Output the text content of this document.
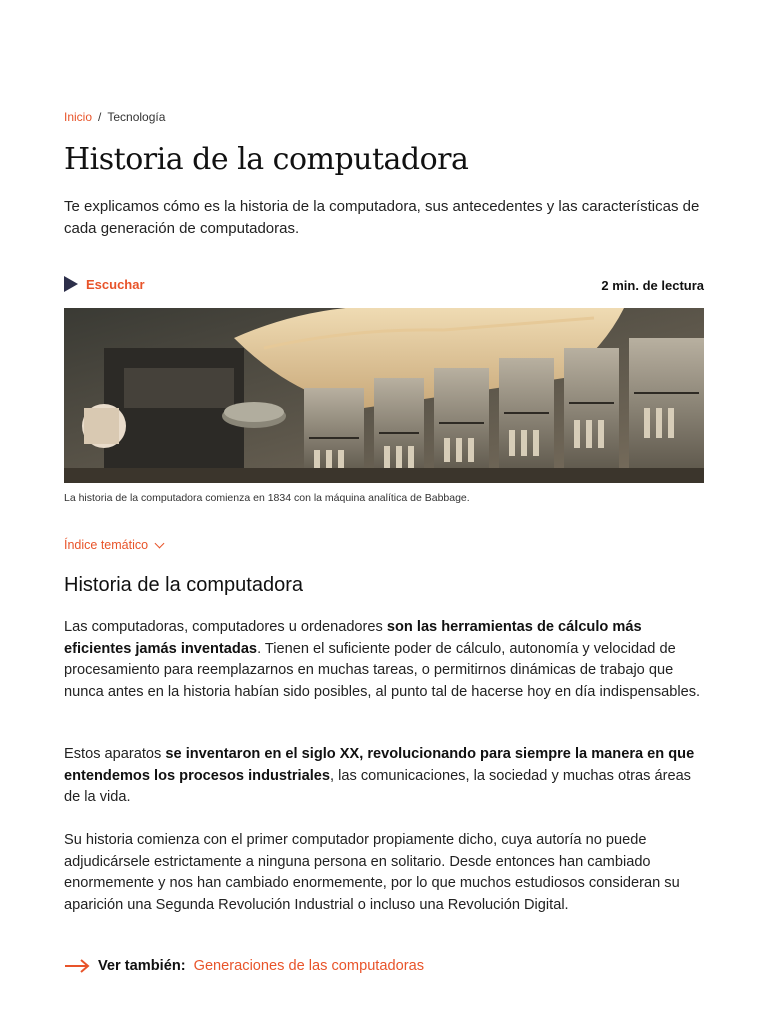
Inicio / Tecnología
Historia de la computadora

Te explicamos cómo es la historia de la computadora, sus antecedentes y las características de cada generación de computadoras.

Escuchar	2 min. de lectura
La historia de la computadora comienza en 1834 con la máquina analítica de Babbage.
Índice temático
Historia de la computadora

Las computadoras, computadores u ordenadores son las herramientas de cálculo más eficientes jamás inventadas. Tienen el suficiente poder de cálculo, autonomía y velocidad de procesamiento para reemplazarnos en muchas tareas, o permitirnos dinámicas de trabajo que nunca antes en la historia habían sido posibles, al punto tal de hacerse hoy en día indispensables.

Estos aparatos se inventaron en el siglo XX, revolucionando para siempre la manera en que entendemos los procesos industriales, las comunicaciones, la sociedad y muchas otras áreas de la vida.

Su historia comienza con el primer computador propiamente dicho, cuya autoría no puede adjudicársele estrictamente a ninguna persona en solitario. Desde entonces han cambiado enormemente y nos han cambiado enormemente, por lo que muchos estudiosos consideran su aparición una Segunda Revolución Industrial o incluso una Revolución Digital.

Ver también: Generaciones de las computadoras
